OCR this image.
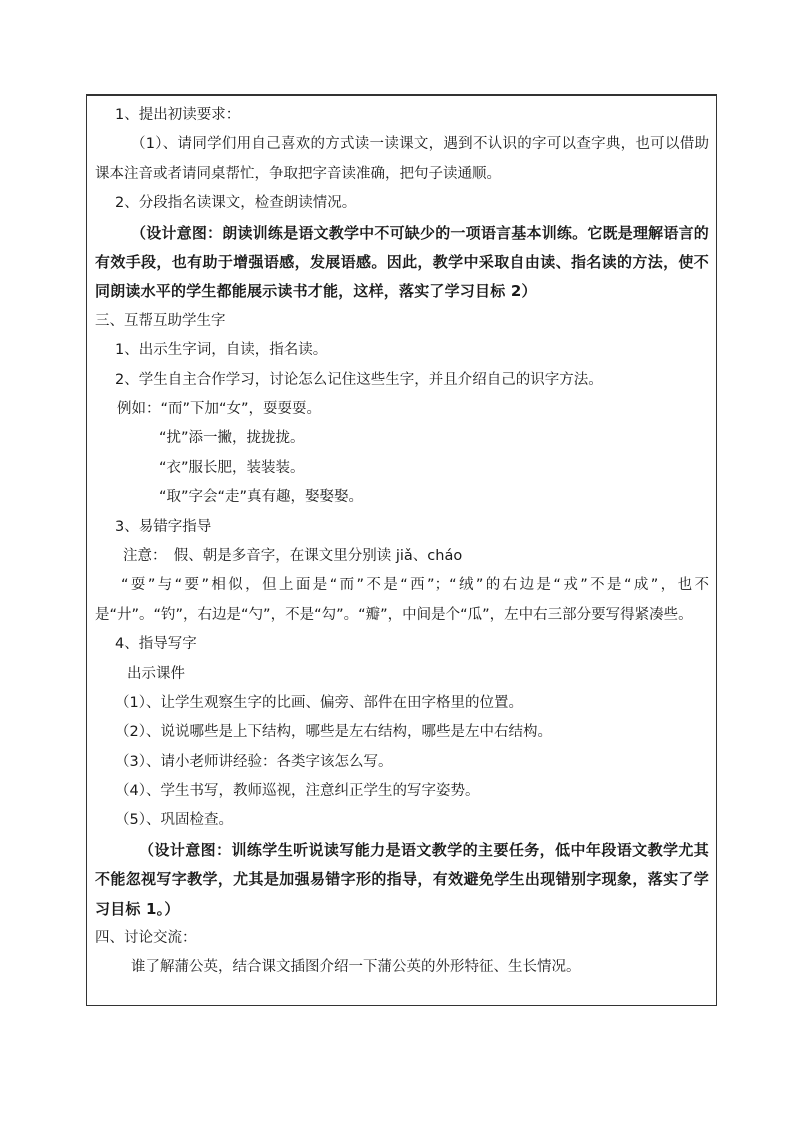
1、提出初读要求：
（1）、请同学们用自己喜欢的方式读一读课文，遇到不认识的字可以查字典，也可以借助课本注音或者请同桌帮忙，争取把字音读准确，把句子读通顺。
2、分段指名读课文，检查朗读情况。
（设计意图：朗读训练是语文教学中不可缺少的一项语言基本训练。它既是理解语言的有效手段，也有助于增强语感，发展语感。因此，教学中采取自由读、指名读的方法，使不同朗读水平的学生都能展示读书才能，这样，落实了学习目标 2）
三、互帮互助学生字
1、出示生字词，自读，指名读。
2、学生自主合作学习，讨论怎么记住这些生字，并且介绍自己的识字方法。
例如：“而”下加“女”，耍耍耍。
“扰”添一撇，拢拢拢。
“衣”服长肥，装装装。
“取”字会“走”真有趣，娶娶娶。
3、易错字指导
注意：　假、朝是多音字，在课文里分别读 jiǎ、cháo
“耍”与“要”相似，但上面是“而”不是“西”；“绒”的右边是“戎”不是“成”，也不是“廾”。“钓”，右边是“勺”，不是“勾”。“瓣”，中间是个“瓜”，左中右三部分要写得紧凑些。
4、指导写字
出示课件
（1）、让学生观察生字的比画、偏旁、部件在田字格里的位置。
（2）、说说哪些是上下结构，哪些是左右结构，哪些是左中右结构。
（3）、请小老师讲经验：各类字该怎么写。
（4）、学生书写，教师巡视，注意纠正学生的写字姿势。
（5）、巩固检查。
（设计意图：训练学生听说读写能力是语文教学的主要任务，低中年段语文教学尤其不能忽视写字教学，尤其是加强易错字形的指导，有效避免学生出现错别字现象，落实了学习目标 1。）
四、讨论交流：
谁了解蒲公英，结合课文插图介绍一下蒲公英的外形特征、生长情况。
